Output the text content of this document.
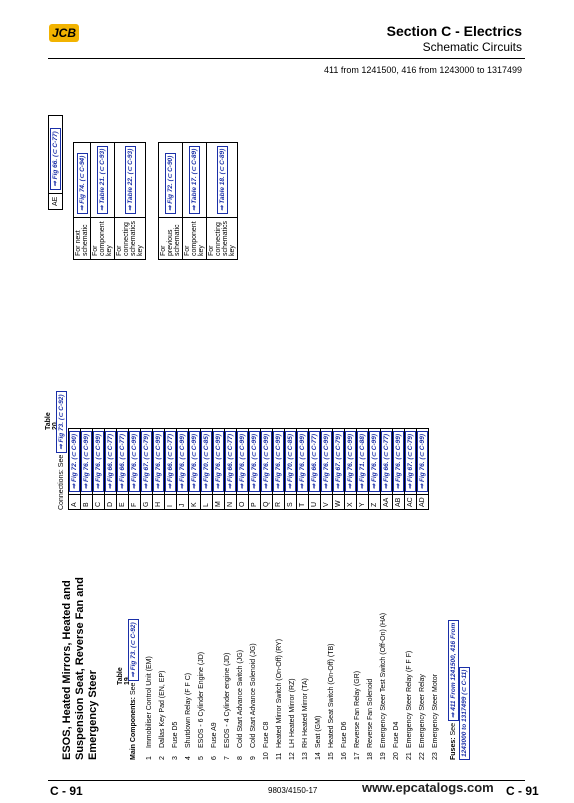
JCB	Section C - Electrics
Schematic Circuits
411 from 1241500, 416 from 1243000 to 1317499
ESOS, Heated Mirrors, Heated and Suspension Seat, Reverse Fan and Emergency Steer	Table 19.
Main Components: See ⇒ Fig 73. (⊂ C-92)
1Immobiliser Control Unit (EM)
2Dallas Key Pad (EN, EP)
3Fuse D5
4Shutdown Relay (F F C)
5ESOS - 6 Cylinder Engine (JD)
6Fuse A9
7ESOS - 4 Cylinder engine (JD)
8Cold Start Advance Switch (JG)
9Cold Start Advance Solenoid (JG)
10Fuse C8
11Heated Mirror Switch (On-Off) (RY)
12LH Heated Mirror (RZ)
13RH Heated Mirror (TA)
14Seat (GM)
15Heated Seat Switch (On-Off) (TB)
16Fuse D6
17Reverse Fan Relay (GR)
18Reverse Fan Solenoid
19Emergency Steer Test Switch (Off-On) (HA)
20Fuse D4
21Emergency Steer Relay (F F F)
22Emergency Steer Relay
23Emergency Steer Motor
Fuses: See ⇒ 411 From 1241500, 416 From 1243000 to 1317499 (⊂ C-11)
Table 20.
Connections: See ⇒ Fig 73. (⊂ C-92)
A	⇒ Fig 72. (⊂ C-90)
B	⇒ Fig 76. (⊂ C-99)
C	⇒ Fig 76. (⊂ C-99)
D	⇒ Fig 66. (⊂ C-77)
E	⇒ Fig 66. (⊂ C-77)
F	⇒ Fig 76. (⊂ C-99)
G	⇒ Fig 67. (⊂ C-79)
H	⇒ Fig 76. (⊂ C-99)
I	⇒ Fig 66. (⊂ C-77)
J	⇒ Fig 76. (⊂ C-99)
K	⇒ Fig 76. (⊂ C-99)
L	⇒ Fig 70. (⊂ C-85)
M	⇒ Fig 76. (⊂ C-99)
N	⇒ Fig 66. (⊂ C-77)
O	⇒ Fig 76. (⊂ C-99)
P	⇒ Fig 76. (⊂ C-99)
Q	⇒ Fig 76. (⊂ C-99)
R	⇒ Fig 76. (⊂ C-99)
S	⇒ Fig 70. (⊂ C-85)
T	⇒ Fig 76. (⊂ C-99)
U	⇒ Fig 66. (⊂ C-77)
V	⇒ Fig 76. (⊂ C-99)
W	⇒ Fig 67. (⊂ C-79)
X	⇒ Fig 76. (⊂ C-99)
Y	⇒ Fig 71. (⊂ C-88)
Z	⇒ Fig 76. (⊂ C-99)
AA	⇒ Fig 66. (⊂ C-77)
AB	⇒ Fig 76. (⊂ C-99)
AC	⇒ Fig 67. (⊂ C-79)
AD	⇒ Fig 76. (⊂ C-99)
AE	⇒ Fig 66. (⊂ C-77)
For next schematic	⇒ Fig 74. (⊂ C-94)
For component key	⇒ Table 21. (⊂ C-93)
For connecting schematics key	⇒ Table 22. (⊂ C-93)
For previous schematic	⇒ Fig 72. (⊂ C-90)
For component key	⇒ Table 17. (⊂ C-89)
For connecting schematics key	⇒ Table 18. (⊂ C-89)
C - 91	9803/4150-17	www.epcatalogs.com C - 91
